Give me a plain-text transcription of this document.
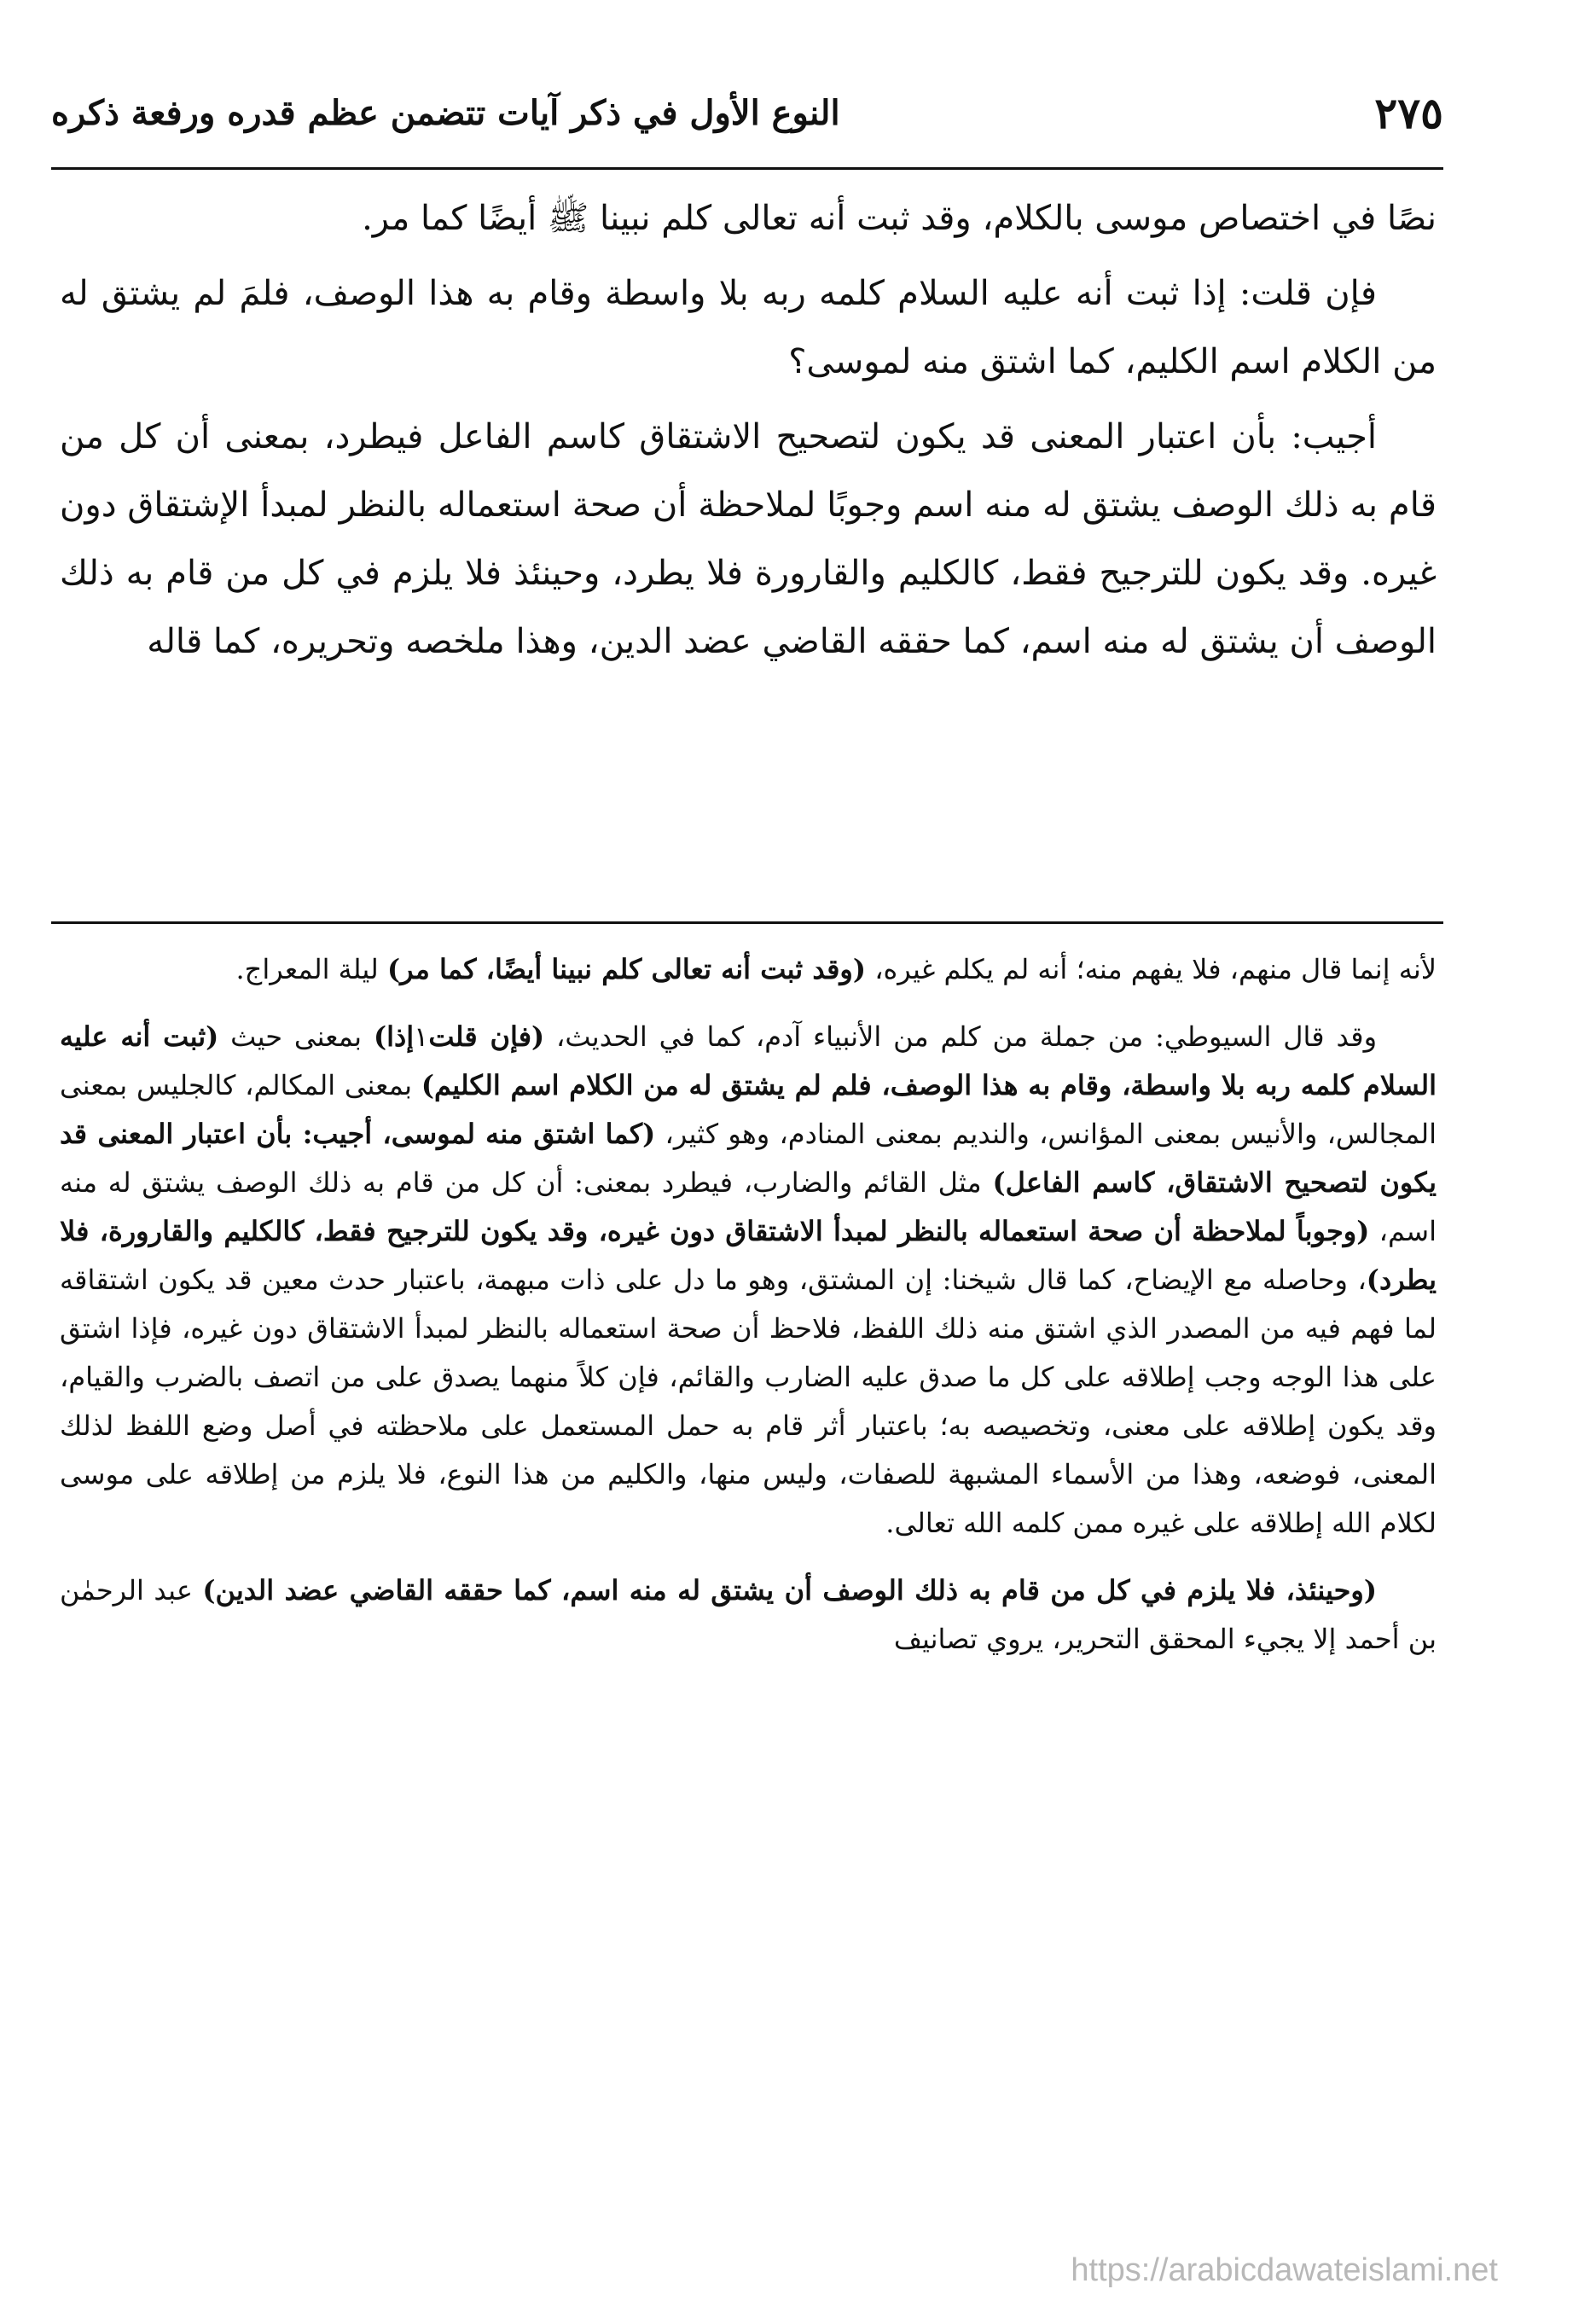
النوع الأول في ذكر آيات تتضمن عظم قدره ورفعة ذكره	٢٧٥

نصًا في اختصاص موسى بالكلام، وقد ثبت أنه تعالى كلم نبينا ﷺ أيضًا كما مر.

فإن قلت: إذا ثبت أنه عليه السلام كلمه ربه بلا واسطة وقام به هذا الوصف، فلمَ لم يشتق له من الكلام اسم الكليم، كما اشتق منه لموسى؟

أجيب: بأن اعتبار المعنى قد يكون لتصحيح الاشتقاق كاسم الفاعل فيطرد، بمعنى أن كل من قام به ذلك الوصف يشتق له منه اسم وجوبًا لملاحظة أن صحة استعماله بالنظر لمبدأ الإشتقاق دون غيره. وقد يكون للترجيح فقط، كالكليم والقارورة فلا يطرد، وحينئذ فلا يلزم في كل من قام به ذلك الوصف أن يشتق له منه اسم، كما حققه القاضي عضد الدين، وهذا ملخصه وتحريره، كما قاله

لأنه إنما قال منهم، فلا يفهم منه؛ أنه لم يكلم غيره، (وقد ثبت أنه تعالى كلم نبينا أيضًا، كما مر) ليلة المعراج.

وقد قال السيوطي: من جملة من كلم من الأنبياء آدم، كما في الحديث، (فإن قلت١إذا) بمعنى حيث (ثبت أنه عليه السلام كلمه ربه بلا واسطة، وقام به هذا الوصف، فلم لم يشتق له من الكلام اسم الكليم) بمعنى المكالم، كالجليس بمعنى المجالس، والأنيس بمعنى المؤانس، والنديم بمعنى المنادم، وهو كثير، (كما اشتق منه لموسى، أجيب: بأن اعتبار المعنى قد يكون لتصحيح الاشتقاق، كاسم الفاعل) مثل القائم والضارب، فيطرد بمعنى: أن كل من قام به ذلك الوصف يشتق له منه اسم، (وجوباً لملاحظة أن صحة استعماله بالنظر لمبدأ الاشتقاق دون غيره، وقد يكون للترجيح فقط، كالكليم والقارورة، فلا يطرد)، وحاصله مع الإيضاح، كما قال شيخنا: إن المشتق، وهو ما دل على ذات مبهمة، باعتبار حدث معين قد يكون اشتقاقه لما فهم فيه من المصدر الذي اشتق منه ذلك اللفظ، فلاحظ أن صحة استعماله بالنظر لمبدأ الاشتقاق دون غيره، فإذا اشتق على هذا الوجه وجب إطلاقه على كل ما صدق عليه الضارب والقائم، فإن كلاً منهما يصدق على من اتصف بالضرب والقيام، وقد يكون إطلاقه على معنى، وتخصيصه به؛ باعتبار أثر قام به حمل المستعمل على ملاحظته في أصل وضع اللفظ لذلك المعنى، فوضعه، وهذا من الأسماء المشبهة للصفات، وليس منها، والكليم من هذا النوع، فلا يلزم من إطلاقه على موسى لكلام الله إطلاقه على غيره ممن كلمه الله تعالى.

(وحينئذ، فلا يلزم في كل من قام به ذلك الوصف أن يشتق له منه اسم، كما حققه القاضي عضد الدين) عبد الرحمٰن بن أحمد إلا يجيء المحقق التحرير، يروي تصانيف

https://arabicdawateislami.net
